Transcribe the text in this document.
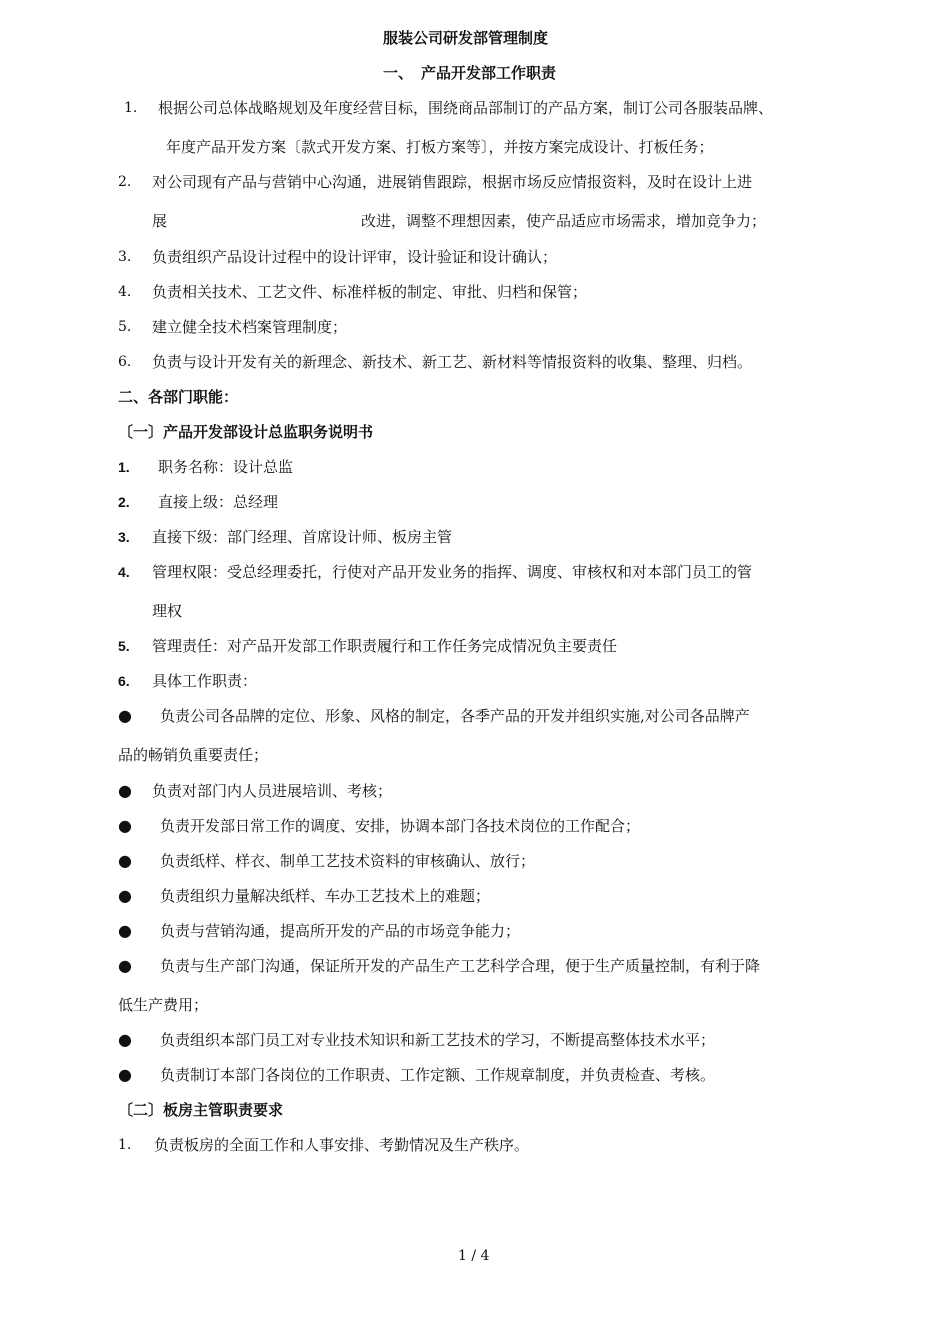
服装公司研发部管理制度
一、 产品开发部工作职责
1. 根据公司总体战略规划及年度经营目标，围绕商品部制订的产品方案，制订公司各服装品牌、
年度产品开发方案〔款式开发方案、打板方案等〕，并按方案完成设计、打板任务；
2. 对公司现有产品与营销中心沟通，进展销售跟踪，根据市场反应情报资料，及时在设计上进
展	改进，调整不理想因素，使产品适应市场需求，增加竞争力；
3. 负责组织产品设计过程中的设计评审，设计验证和设计确认；
4. 负责相关技术、工艺文件、标准样板的制定、审批、归档和保管；
5. 建立健全技术档案管理制度；
6. 负责与设计开发有关的新理念、新技术、新工艺、新材料等情报资料的收集、整理、归档。
二、各部门职能：
〔一〕产品开发部设计总监职务说明书
1. 职务名称：设计总监
2. 直接上级：总经理
3. 直接下级：部门经理、首席设计师、板房主管
4. 管理权限：受总经理委托，行使对产品开发业务的指挥、调度、审核权和对本部门员工的管
理权
5. 管理责任：对产品开发部工作职责履行和工作任务完成情况负主要责任
6. 具体工作职责：
● 负责公司各品牌的定位、形象、风格的制定，各季产品的开发并组织实施,对公司各品牌产
品的畅销负重要责任；
● 负责对部门内人员进展培训、考核；
● 负责开发部日常工作的调度、安排，协调本部门各技术岗位的工作配合；
● 负责纸样、样衣、制单工艺技术资料的审核确认、放行；
● 负责组织力量解决纸样、车办工艺技术上的难题；
● 负责与营销沟通，提高所开发的产品的市场竞争能力；
● 负责与生产部门沟通，保证所开发的产品生产工艺科学合理，便于生产质量控制，有利于降
低生产费用；
● 负责组织本部门员工对专业技术知识和新工艺技术的学习，不断提高整体技术水平；
● 负责制订本部门各岗位的工作职责、工作定额、工作规章制度，并负责检查、考核。
〔二〕板房主管职责要求
1. 负责板房的全面工作和人事安排、考勤情况及生产秩序。
1 / 4
